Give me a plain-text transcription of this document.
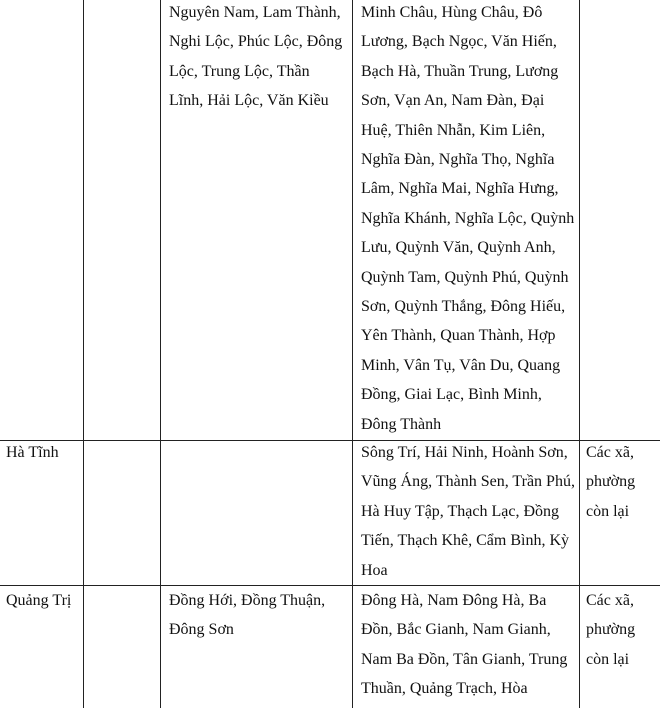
Nguyên Nam, Lam Thành, Nghi Lộc, Phúc Lộc, Đông Lộc, Trung Lộc, Thần Lĩnh, Hải Lộc, Văn Kiều
Minh Châu, Hùng Châu, Đô Lương, Bạch Ngọc, Văn Hiến, Bạch Hà, Thuần Trung, Lương Sơn, Vạn An, Nam Đàn, Đại Huệ, Thiên Nhẫn, Kim Liên, Nghĩa Đàn, Nghĩa Thọ, Nghĩa Lâm, Nghĩa Mai, Nghĩa Hưng, Nghĩa Khánh, Nghĩa Lộc, Quỳnh Lưu, Quỳnh Văn, Quỳnh Anh, Quỳnh Tam, Quỳnh Phú, Quỳnh Sơn, Quỳnh Thắng, Đông Hiếu, Yên Thành, Quan Thành, Hợp Minh, Vân Tụ, Vân Du, Quang Đồng, Giai Lạc, Bình Minh, Đông Thành
Hà Tĩnh	Sông Trí, Hải Ninh, Hoành Sơn, Vũng Áng, Thành Sen, Trần Phú, Hà Huy Tập, Thạch Lạc, Đồng Tiến, Thạch Khê, Cẩm Bình, Kỳ Hoa
Các xã, phường còn lại
Quảng Trị	Đồng Hới, Đồng Thuận, Đông Sơn
Đông Hà, Nam Đông Hà, Ba Đồn, Bắc Gianh, Nam Gianh, Nam Ba Đồn, Tân Gianh, Trung Thuần, Quảng Trạch, Hòa
Các xã, phường còn lại
